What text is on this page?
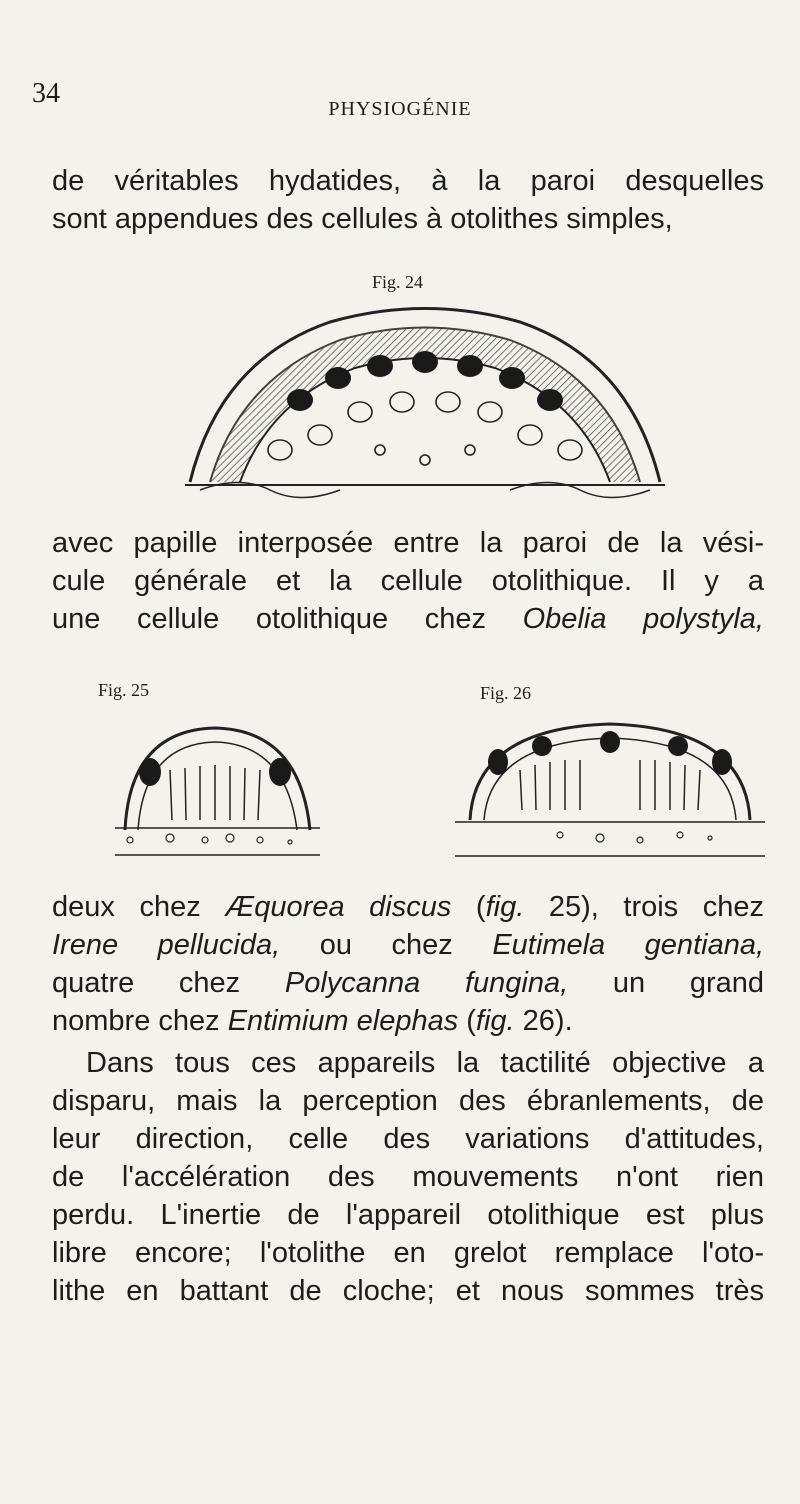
34	PHYSIOGÉNIE

de véritables hydatides, à la paroi desquelles
sont appendues des cellules à otolithes simples,

Fig. 24

avec papille interposée entre la paroi de la vési-
cule générale et la cellule otolithique. Il y a
une cellule otolithique chez Obelia polystyla,

Fig. 25	Fig. 26

deux chez Æquorea discus (fig. 25), trois chez
Irene pellucida, ou chez Eutimela gentiana,
quatre chez Polycanna fungina, un grand
nombre chez Entimium elephas (fig. 26).

Dans tous ces appareils la tactilité objective a
disparu, mais la perception des ébranlements, de
leur direction, celle des variations d'attitudes,
de l'accélération des mouvements n'ont rien
perdu. L'inertie de l'appareil otolithique est plus
libre encore; l'otolithe en grelot remplace l'oto-
lithe en battant de cloche; et nous sommes très
